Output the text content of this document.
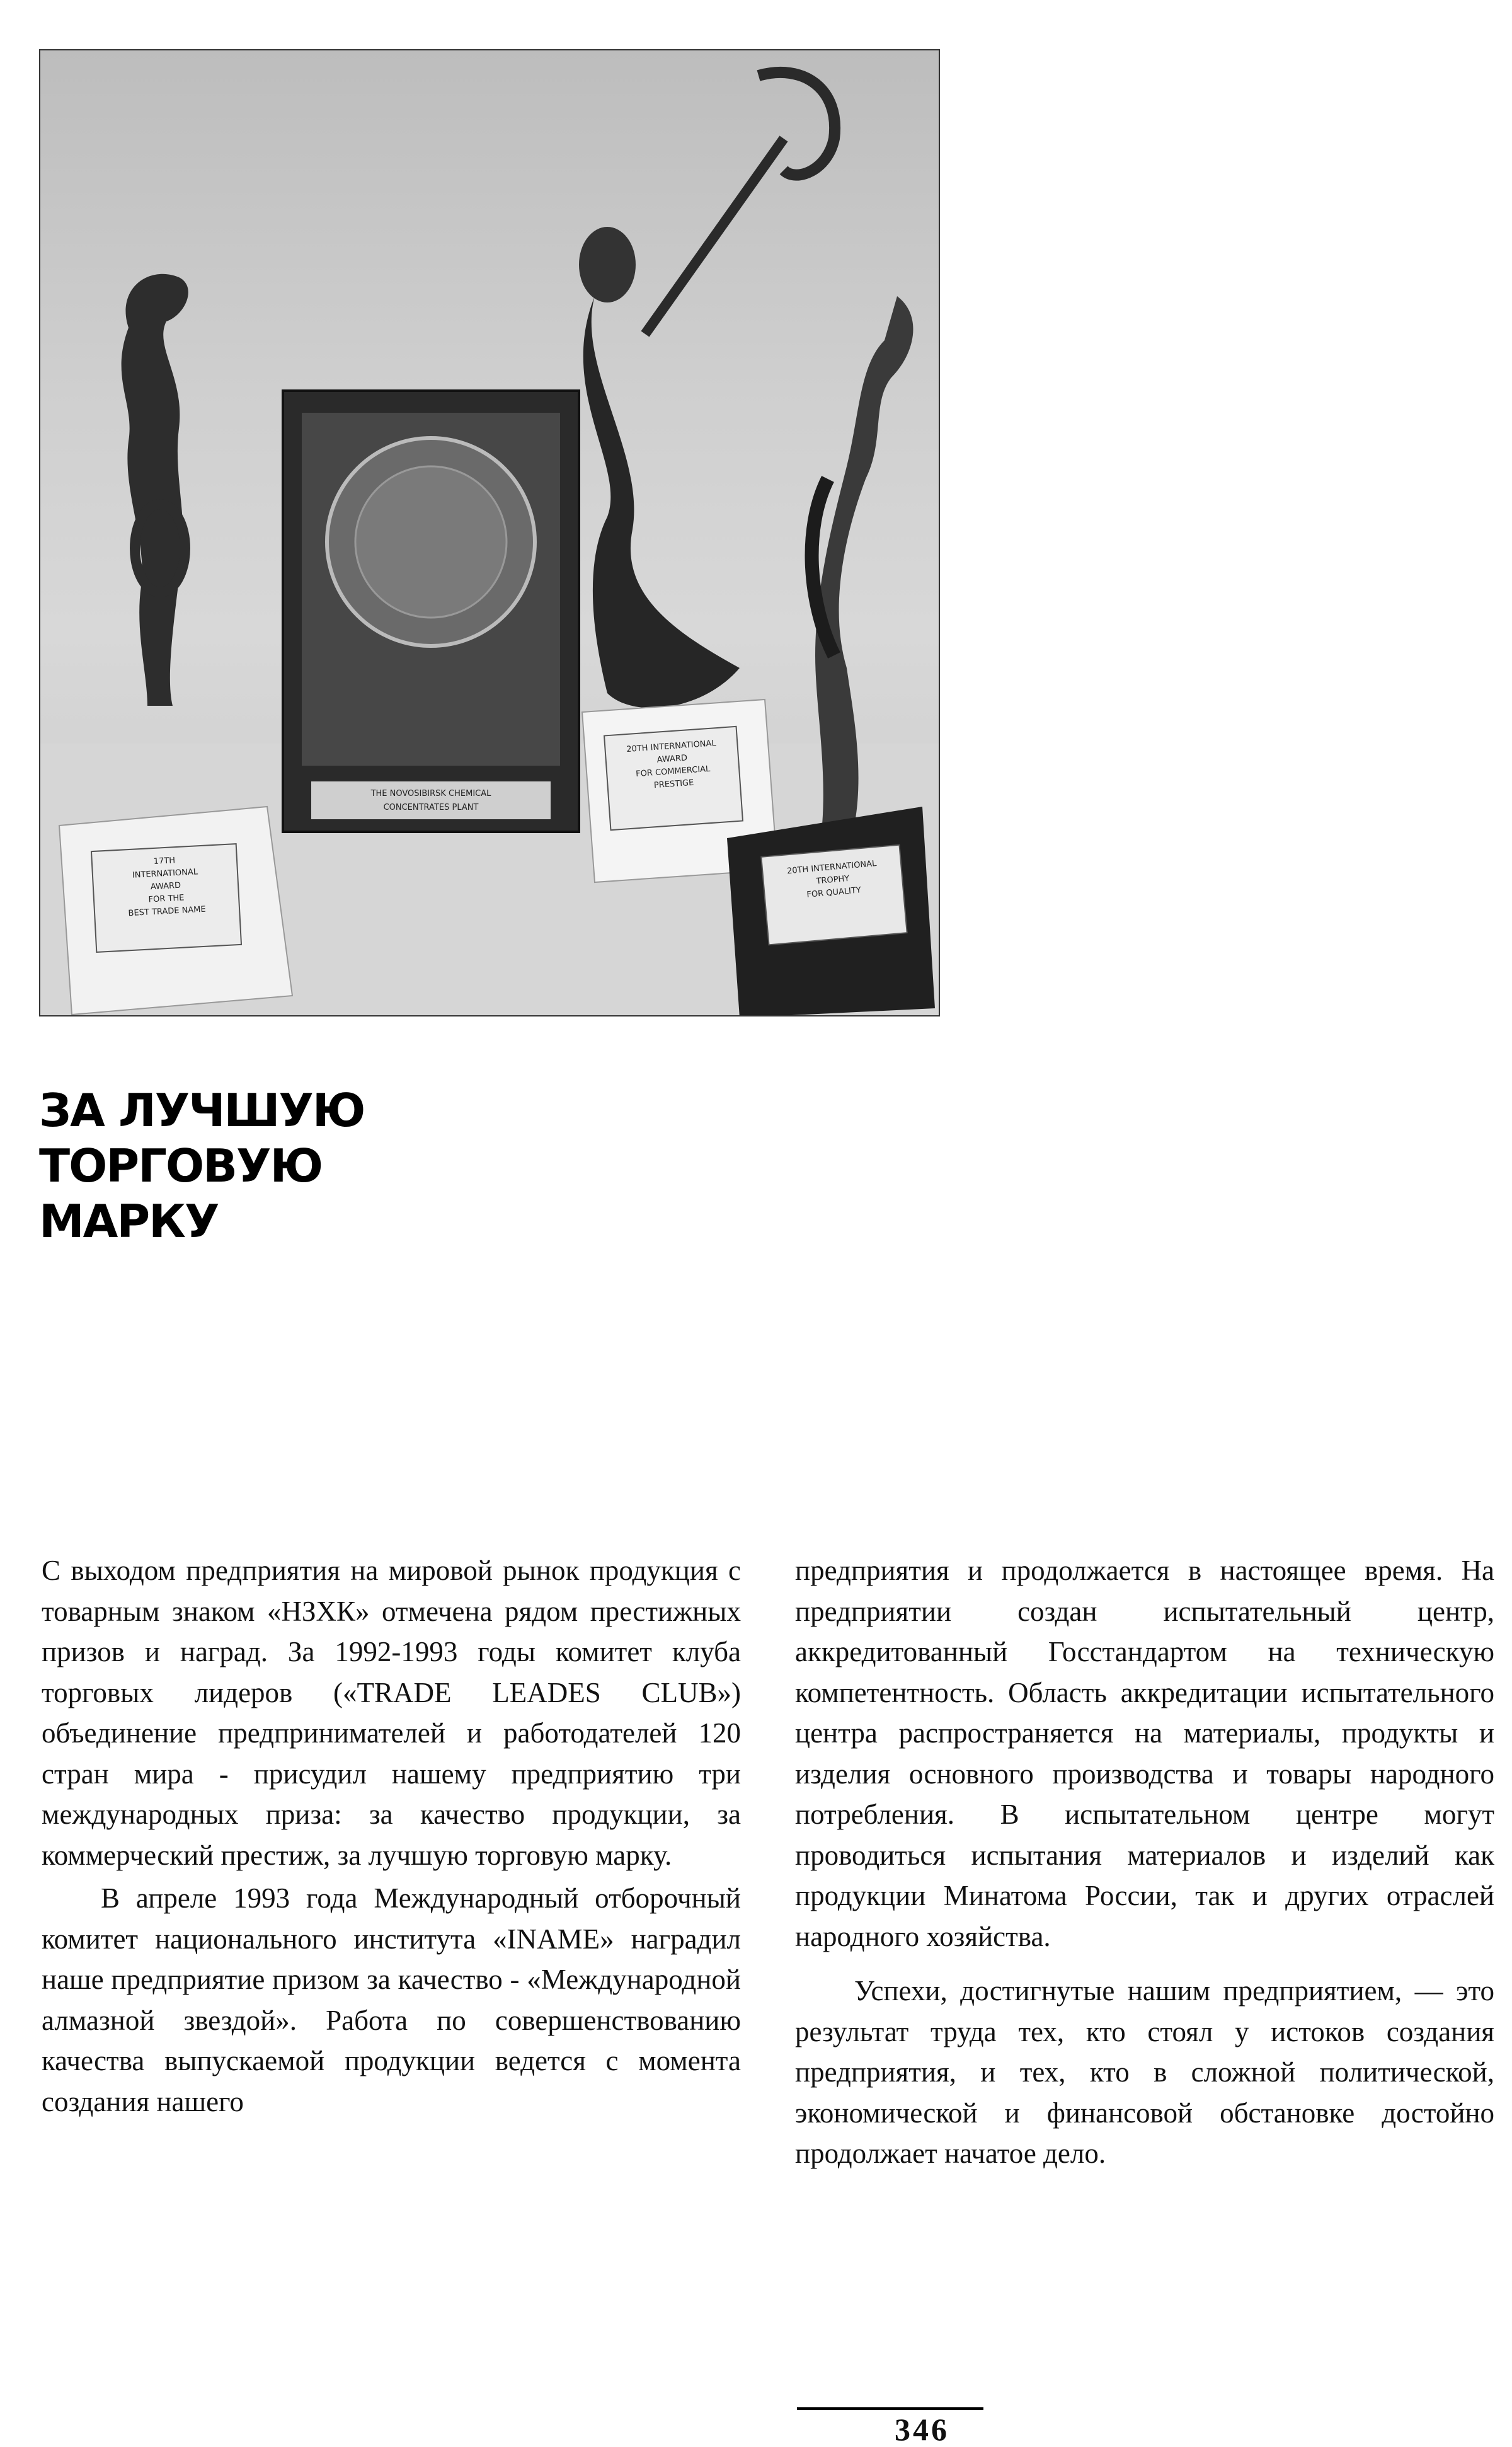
THE NOVOSIBIRSK CHEMICAL
CONCENTRATES PLANT
17TH
INTERNATIONAL
AWARD
FOR THE
BEST TRADE NAME
20TH INTERNATIONAL
AWARD
FOR COMMERCIAL
PRESTIGE
20TH INTERNATIONAL
TROPHY
FOR QUALITY
ЗА ЛУЧШУЮ
ТОРГОВУЮ
МАРКУ

С выходом предприятия на мировой рынок продукция с товарным знаком «НЗХК» отмечена рядом престижных призов и наград. За 1992-1993 годы комитет клуба торговых лидеров («TRADE LEADES CLUB») объединение предпринимателей и работодателей 120 стран мира - присудил нашему предприятию три международных приза: за качество продукции, за коммерческий престиж, за лучшую торговую марку.

В апреле 1993 года Международный отборочный комитет национального института «INAME» наградил наше предприятие призом за качество - «Международной алмазной звездой». Работа по совершенствованию качества выпускаемой продукции ведется с момента создания нашего

предприятия и продолжается в настоящее время. На предприятии создан испытательный центр, аккредитованный Госстандартом на техническую компетентность. Область аккредитации испытательного центра распространяется на материалы, продукты и изделия основного производства и товары народного потребления. В испытательном центре могут проводиться испытания материалов и изделий как продукции Минатома России, так и других отраслей народного хозяйства.

Успехи, достигнутые нашим предприятием, — это результат труда тех, кто стоял у истоков создания предприятия, и тех, кто в сложной политической, экономической и финансовой обстановке достойно продолжает начатое дело.

346
